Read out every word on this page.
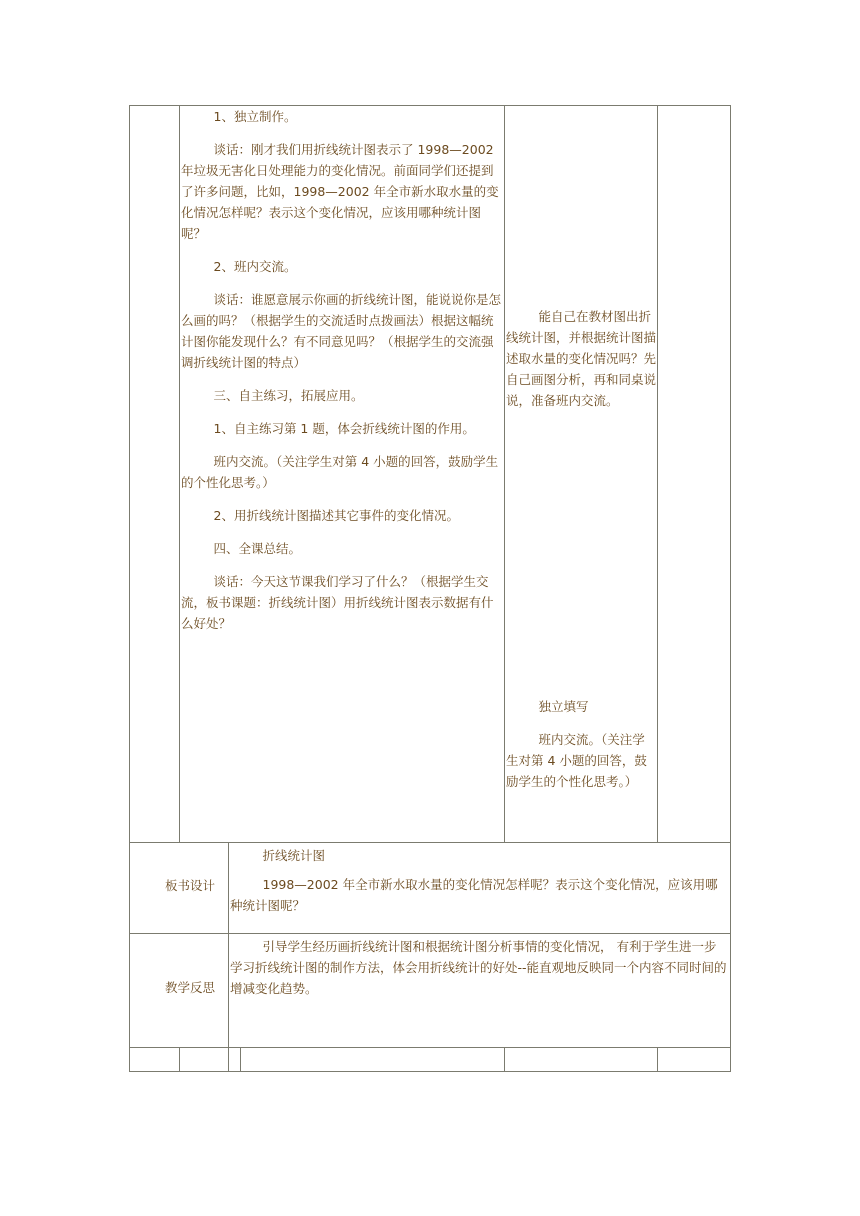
1、独立制作。

谈话：刚才我们用折线统计图表示了 1998—2002 年垃圾无害化日处理能力的变化情况。前面同学们还提到了许多问题，比如，1998—2002 年全市新水取水量的变化情况怎样呢？表示这个变化情况，应该用哪种统计图呢？

2、班内交流。

谈话：谁愿意展示你画的折线统计图，能说说你是怎么画的吗？（根据学生的交流适时点拨画法）根据这幅统计图你能发现什么？有不同意见吗？（根据学生的交流强调折线统计图的特点）

三、自主练习，拓展应用。

1、自主练习第 1 题，体会折线统计图的作用。

班内交流。（关注学生对第 4 小题的回答，鼓励学生的个性化思考。）

2、用折线统计图描述其它事件的变化情况。

四、全课总结。

谈话：今天这节课我们学习了什么？（根据学生交流，板书课题：折线统计图）用折线统计图表示数据有什么好处？

能自己在教材图出折线统计图，并根据统计图描述取水量的变化情况吗？先自己画图分析，再和同桌说说，准备班内交流。

独立填写

班内交流。（关注学生对第 4 小题的回答，鼓励学生的个性化思考。）

板书设计

折线统计图

1998—2002 年全市新水取水量的变化情况怎样呢？表示这个变化情况，应该用哪种统计图呢？

教学反思

引导学生经历画折线统计图和根据统计图分析事情的变化情况， 有利于学生进一步学习折线统计图的制作方法，体会用折线统计的好处--能直观地反映同一个内容不同时间的增减变化趋势。
